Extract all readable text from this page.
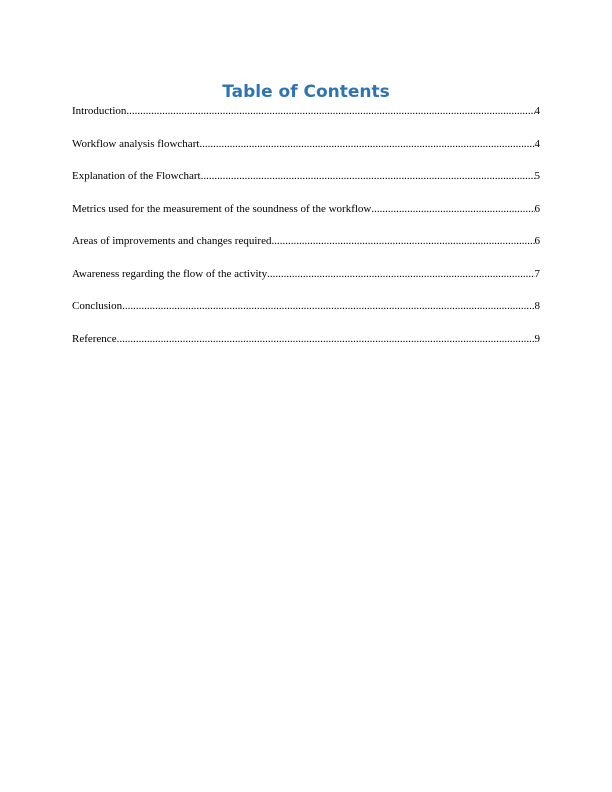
Table of Contents
Introduction .....	4
Workflow analysis flowchart .....	4
Explanation of the Flowchart .....	5
Metrics used for the measurement of the soundness of the workflow .....	6
Areas of improvements and changes required .....	6
Awareness regarding the flow of the activity .....	7
Conclusion .....	8
Reference .....	9
